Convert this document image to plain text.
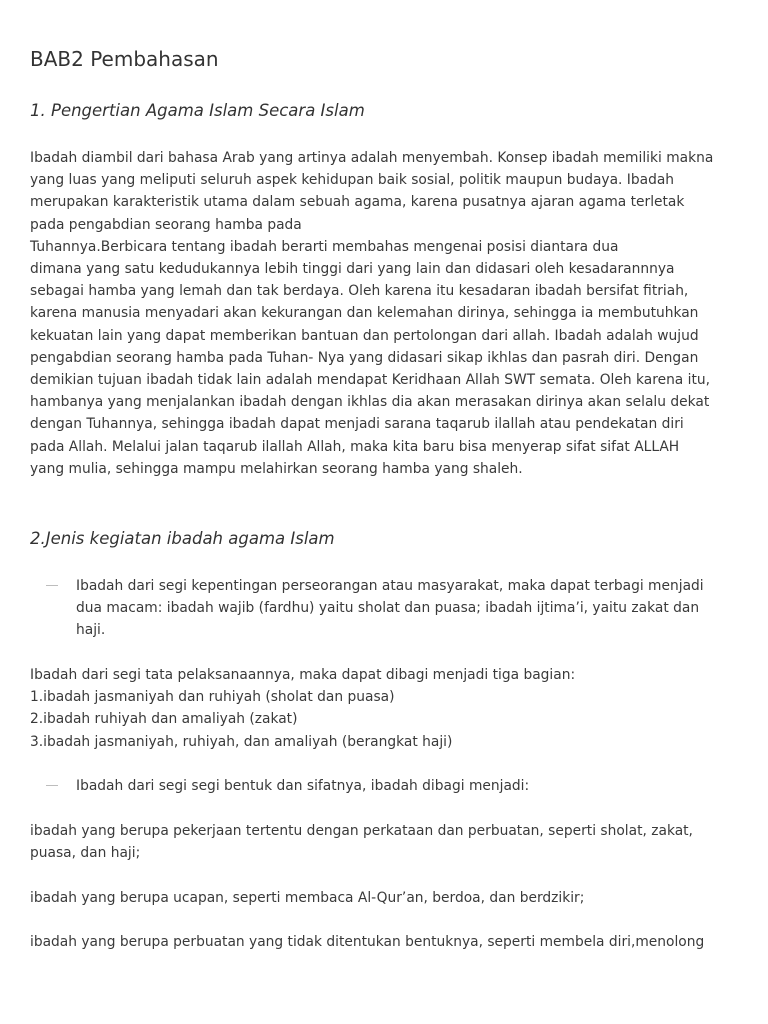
BAB2 Pembahasan
1. Pengertian Agama Islam Secara Islam

Ibadah diambil dari bahasa Arab yang artinya adalah menyembah. Konsep ibadah memiliki makna
yang luas yang meliputi seluruh aspek kehidupan baik sosial, politik maupun budaya. Ibadah
merupakan karakteristik utama dalam sebuah agama, karena pusatnya ajaran agama terletak
pada pengabdian seorang hamba pada
Tuhannya.Berbicara tentang ibadah berarti membahas mengenai posisi diantara dua
dimana yang satu kedudukannya lebih tinggi dari yang lain dan didasari oleh kesadarannnya
sebagai hamba yang lemah dan tak berdaya. Oleh karena itu kesadaran ibadah bersifat fitriah,
karena manusia menyadari akan kekurangan dan kelemahan dirinya, sehingga ia membutuhkan
kekuatan lain yang dapat memberikan bantuan dan pertolongan dari allah. Ibadah adalah wujud
pengabdian seorang hamba pada Tuhan- Nya yang didasari sikap ikhlas dan pasrah diri. Dengan
demikian tujuan ibadah tidak lain adalah mendapat Keridhaan Allah SWT semata. Oleh karena itu,
hambanya yang menjalankan ibadah dengan ikhlas dia akan merasakan dirinya akan selalu dekat
dengan Tuhannya, sehingga ibadah dapat menjadi sarana taqarub ilallah atau pendekatan diri
pada Allah. Melalui jalan taqarub ilallah Allah, maka kita baru bisa menyerap sifat sifat ALLAH
yang mulia, sehingga mampu melahirkan seorang hamba yang shaleh.

2.Jenis kegiatan ibadah agama Islam
Ibadah dari segi kepentingan perseorangan atau masyarakat, maka dapat terbagi menjadi
dua macam: ibadah wajib (fardhu) yaitu sholat dan puasa; ibadah ijtima’i, yaitu zakat dan
haji.

Ibadah dari segi tata pelaksanaannya, maka dapat dibagi menjadi tiga bagian:
1.ibadah jasmaniyah dan ruhiyah (sholat dan puasa)
2.ibadah ruhiyah dan amaliyah (zakat)
3.ibadah jasmaniyah, ruhiyah, dan amaliyah (berangkat haji)

Ibadah dari segi segi bentuk dan sifatnya, ibadah dibagi menjadi:

ibadah yang berupa pekerjaan tertentu dengan perkataan dan perbuatan, seperti sholat, zakat,
puasa, dan haji;

ibadah yang berupa ucapan, seperti membaca Al-Qur’an, berdoa, dan berdzikir;

ibadah yang berupa perbuatan yang tidak ditentukan bentuknya, seperti membela diri,menolong
